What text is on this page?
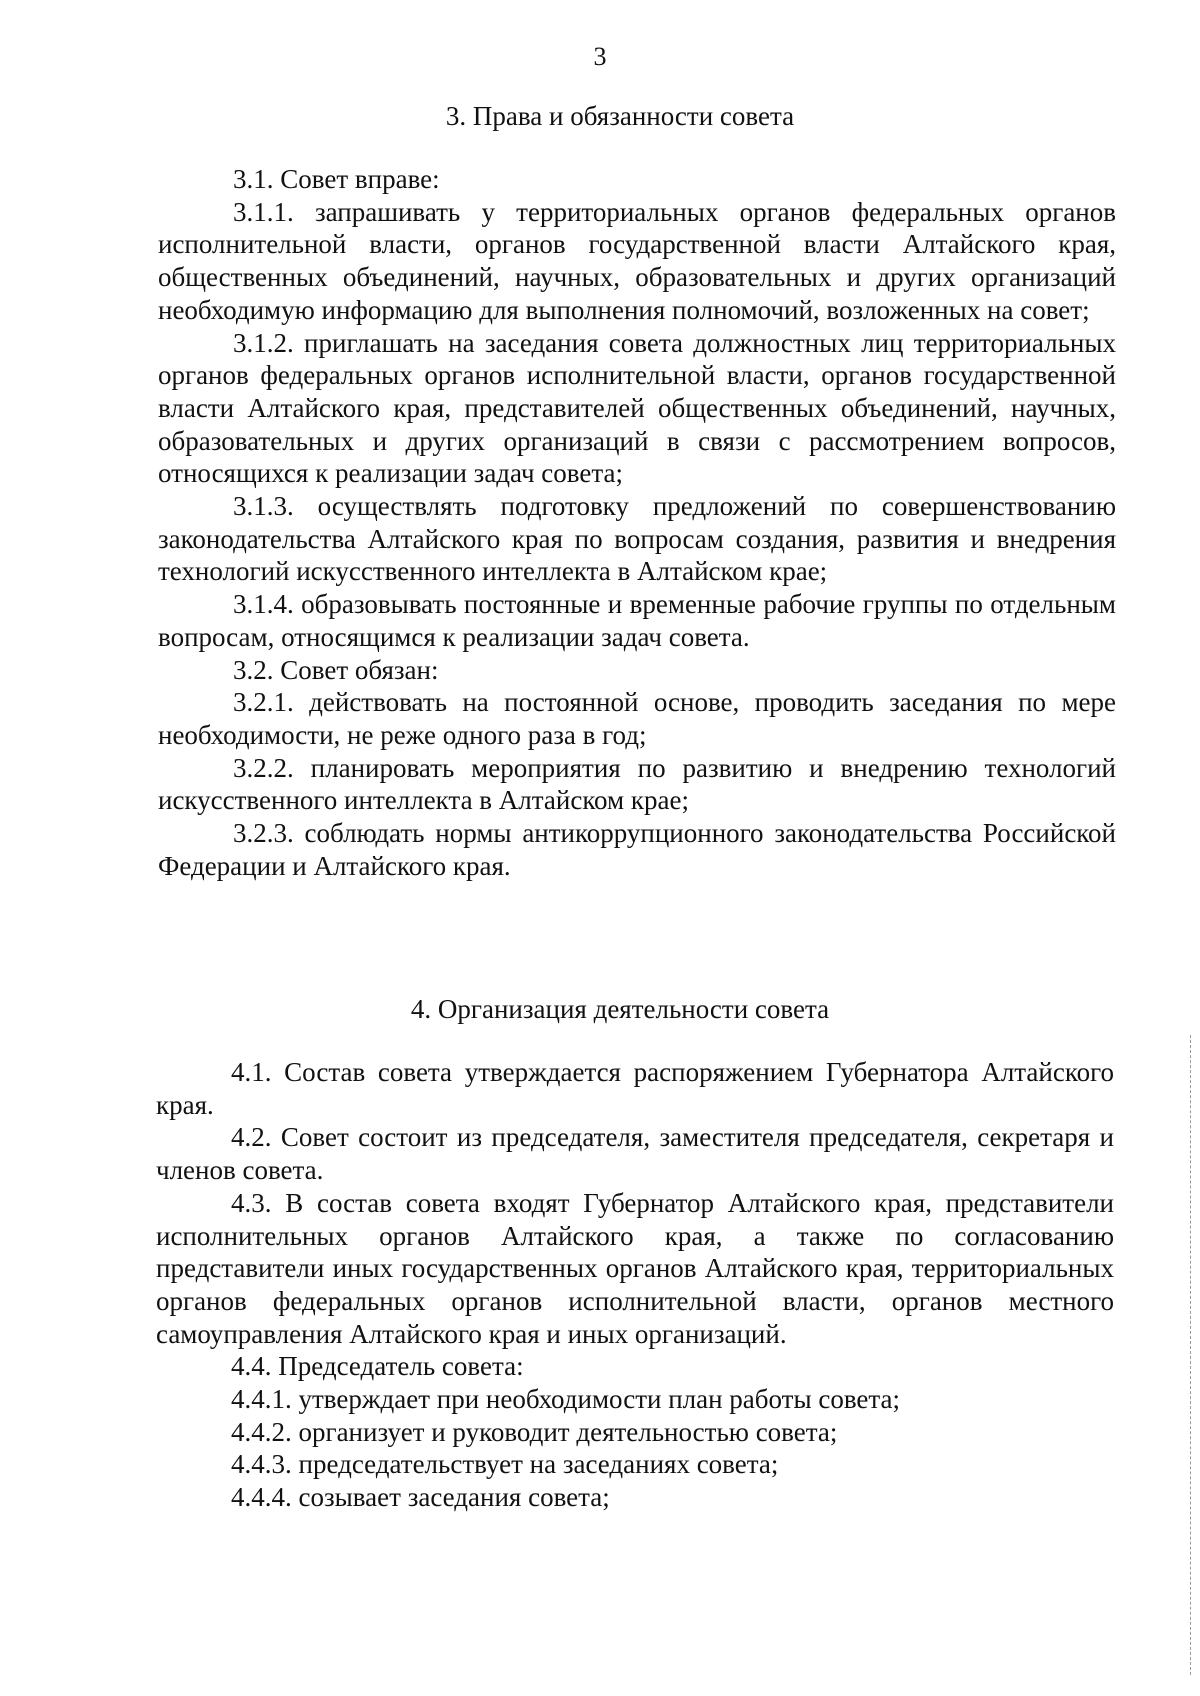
3
3. Права и обязанности совета

3.1. Совет вправе:

3.1.1. запрашивать у территориальных органов федеральных органов исполнительной власти, органов государственной власти Алтайского края, общественных объединений, научных, образовательных и других организаций необходимую информацию для выполнения полномочий, возложенных на совет;

3.1.2. приглашать на заседания совета должностных лиц территориальных органов федеральных органов исполнительной власти, органов государственной власти Алтайского края, представителей общественных объединений, научных, образовательных и других организаций в связи с рассмотрением вопросов, относящихся к реализации задач совета;

3.1.3. осуществлять подготовку предложений по совершенствованию законодательства Алтайского края по вопросам создания, развития и внедрения технологий искусственного интеллекта в Алтайском крае;

3.1.4. образовывать постоянные и временные рабочие группы по отдельным вопросам, относящимся к реализации задач совета.

3.2. Совет обязан:

3.2.1. действовать на постоянной основе, проводить заседания по мере необходимости, не реже одного раза в год;

3.2.2. планировать мероприятия по развитию и внедрению технологий искусственного интеллекта в Алтайском крае;

3.2.3. соблюдать нормы антикоррупционного законодательства Российской Федерации и Алтайского края.

4. Организация деятельности совета

4.1. Состав совета утверждается распоряжением Губернатора Алтайского края.

4.2. Совет состоит из председателя, заместителя председателя, секретаря и членов совета.

4.3. В состав совета входят Губернатор Алтайского края, представители исполнительных органов Алтайского края, а также по согласованию представители иных государственных органов Алтайского края, территориальных органов федеральных органов исполнительной власти, органов местного самоуправления Алтайского края и иных организаций.

4.4. Председатель совета:

4.4.1. утверждает при необходимости план работы совета;

4.4.2. организует и руководит деятельностью совета;

4.4.3. председательствует на заседаниях совета;

4.4.4. созывает заседания совета;
